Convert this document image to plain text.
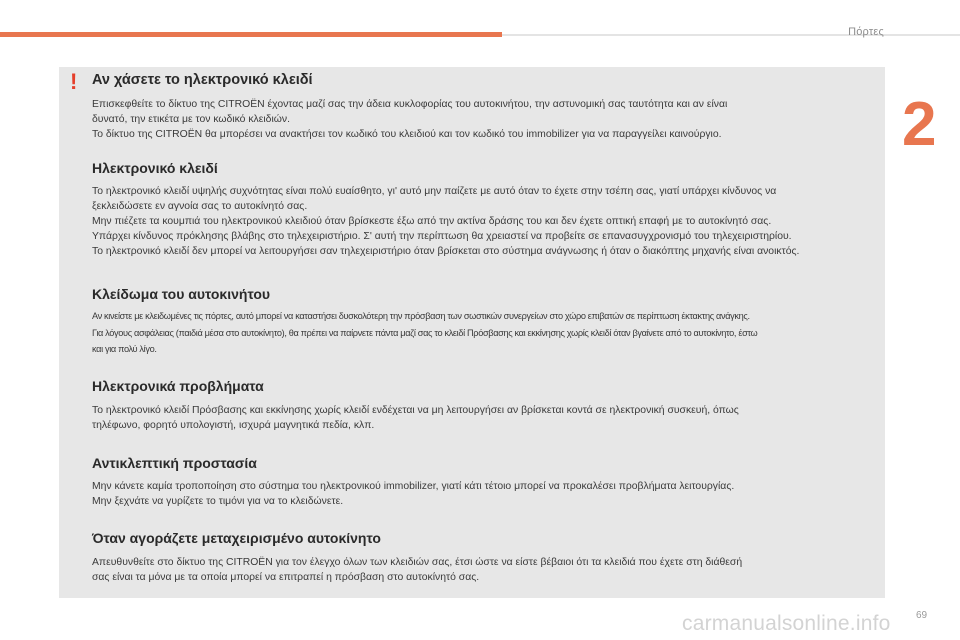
Πόρτες
2
! Αν χάσετε το ηλεκτρονικό κλειδί

Επισκεφθείτε το δίκτυο της CITROËN έχοντας μαζί σας την άδεια κυκλοφορίας του αυτοκινήτου, την αστυνομική σας ταυτότητα και αν είναι
δυνατό, την ετικέτα με τον κωδικό κλειδιών.
Το δίκτυο της CITROËN θα μπορέσει να ανακτήσει τον κωδικό του κλειδιού και τον κωδικό του immobilizer για να παραγγείλει καινούργιο.

Ηλεκτρονικό κλειδί

Το ηλεκτρονικό κλειδί υψηλής συχνότητας είναι πολύ ευαίσθητο, γι' αυτό μην παίζετε με αυτό όταν το έχετε στην τσέπη σας, γιατί υπάρχει κίνδυνος να
ξεκλειδώσετε εν αγνοία σας το αυτοκίνητό σας.
Μην πιέζετε τα κουμπιά του ηλεκτρονικού κλειδιού όταν βρίσκεστε έξω από την ακτίνα δράσης του και δεν έχετε οπτική επαφή με το αυτοκίνητό σας.
Υπάρχει κίνδυνος πρόκλησης βλάβης στο τηλεχειριστήριο. Σ' αυτή την περίπτωση θα χρειαστεί να προβείτε σε επανασυγχρονισμό του τηλεχειριστηρίου.
Το ηλεκτρονικό κλειδί δεν μπορεί να λειτουργήσει σαν τηλεχειριστήριο όταν βρίσκεται στο σύστημα ανάγνωσης ή όταν ο διακόπτης μηχανής είναι ανοικτός.

Κλείδωμα του αυτοκινήτου

Αν κινείστε με κλειδωμένες τις πόρτες, αυτό μπορεί να καταστήσει δυσκολότερη την πρόσβαση των σωστικών συνεργείων στο χώρο επιβατών σε περίπτωση έκτακτης ανάγκης.
Για λόγους ασφάλειας (παιδιά μέσα στο αυτοκίνητο), θα πρέπει να παίρνετε πάντα μαζί σας το κλειδί Πρόσβασης και εκκίνησης χωρίς κλειδί όταν βγαίνετε από το αυτοκίνητο, έστω
και για πολύ λίγο.

Ηλεκτρονικά προβλήματα

Το ηλεκτρονικό κλειδί Πρόσβασης και εκκίνησης χωρίς κλειδί ενδέχεται να μη λειτουργήσει αν βρίσκεται κοντά σε ηλεκτρονική συσκευή, όπως
τηλέφωνο, φορητό υπολογιστή, ισχυρά μαγνητικά πεδία, κλπ.

Αντικλεπτική προστασία

Μην κάνετε καμία τροποποίηση στο σύστημα του ηλεκτρονικού immobilizer, γιατί κάτι τέτοιο μπορεί να προκαλέσει προβλήματα λειτουργίας.
Μην ξεχνάτε να γυρίζετε το τιμόνι για να το κλειδώνετε.

Όταν αγοράζετε μεταχειρισμένο αυτοκίνητο

Απευθυνθείτε στο δίκτυο της CITROËN για τον έλεγχο όλων των κλειδιών σας, έτσι ώστε να είστε βέβαιοι ότι τα κλειδιά που έχετε στη διάθεσή
σας είναι τα μόνα με τα οποία μπορεί να επιτραπεί η πρόσβαση στο αυτοκίνητό σας.

69
carmanualsonline.info
